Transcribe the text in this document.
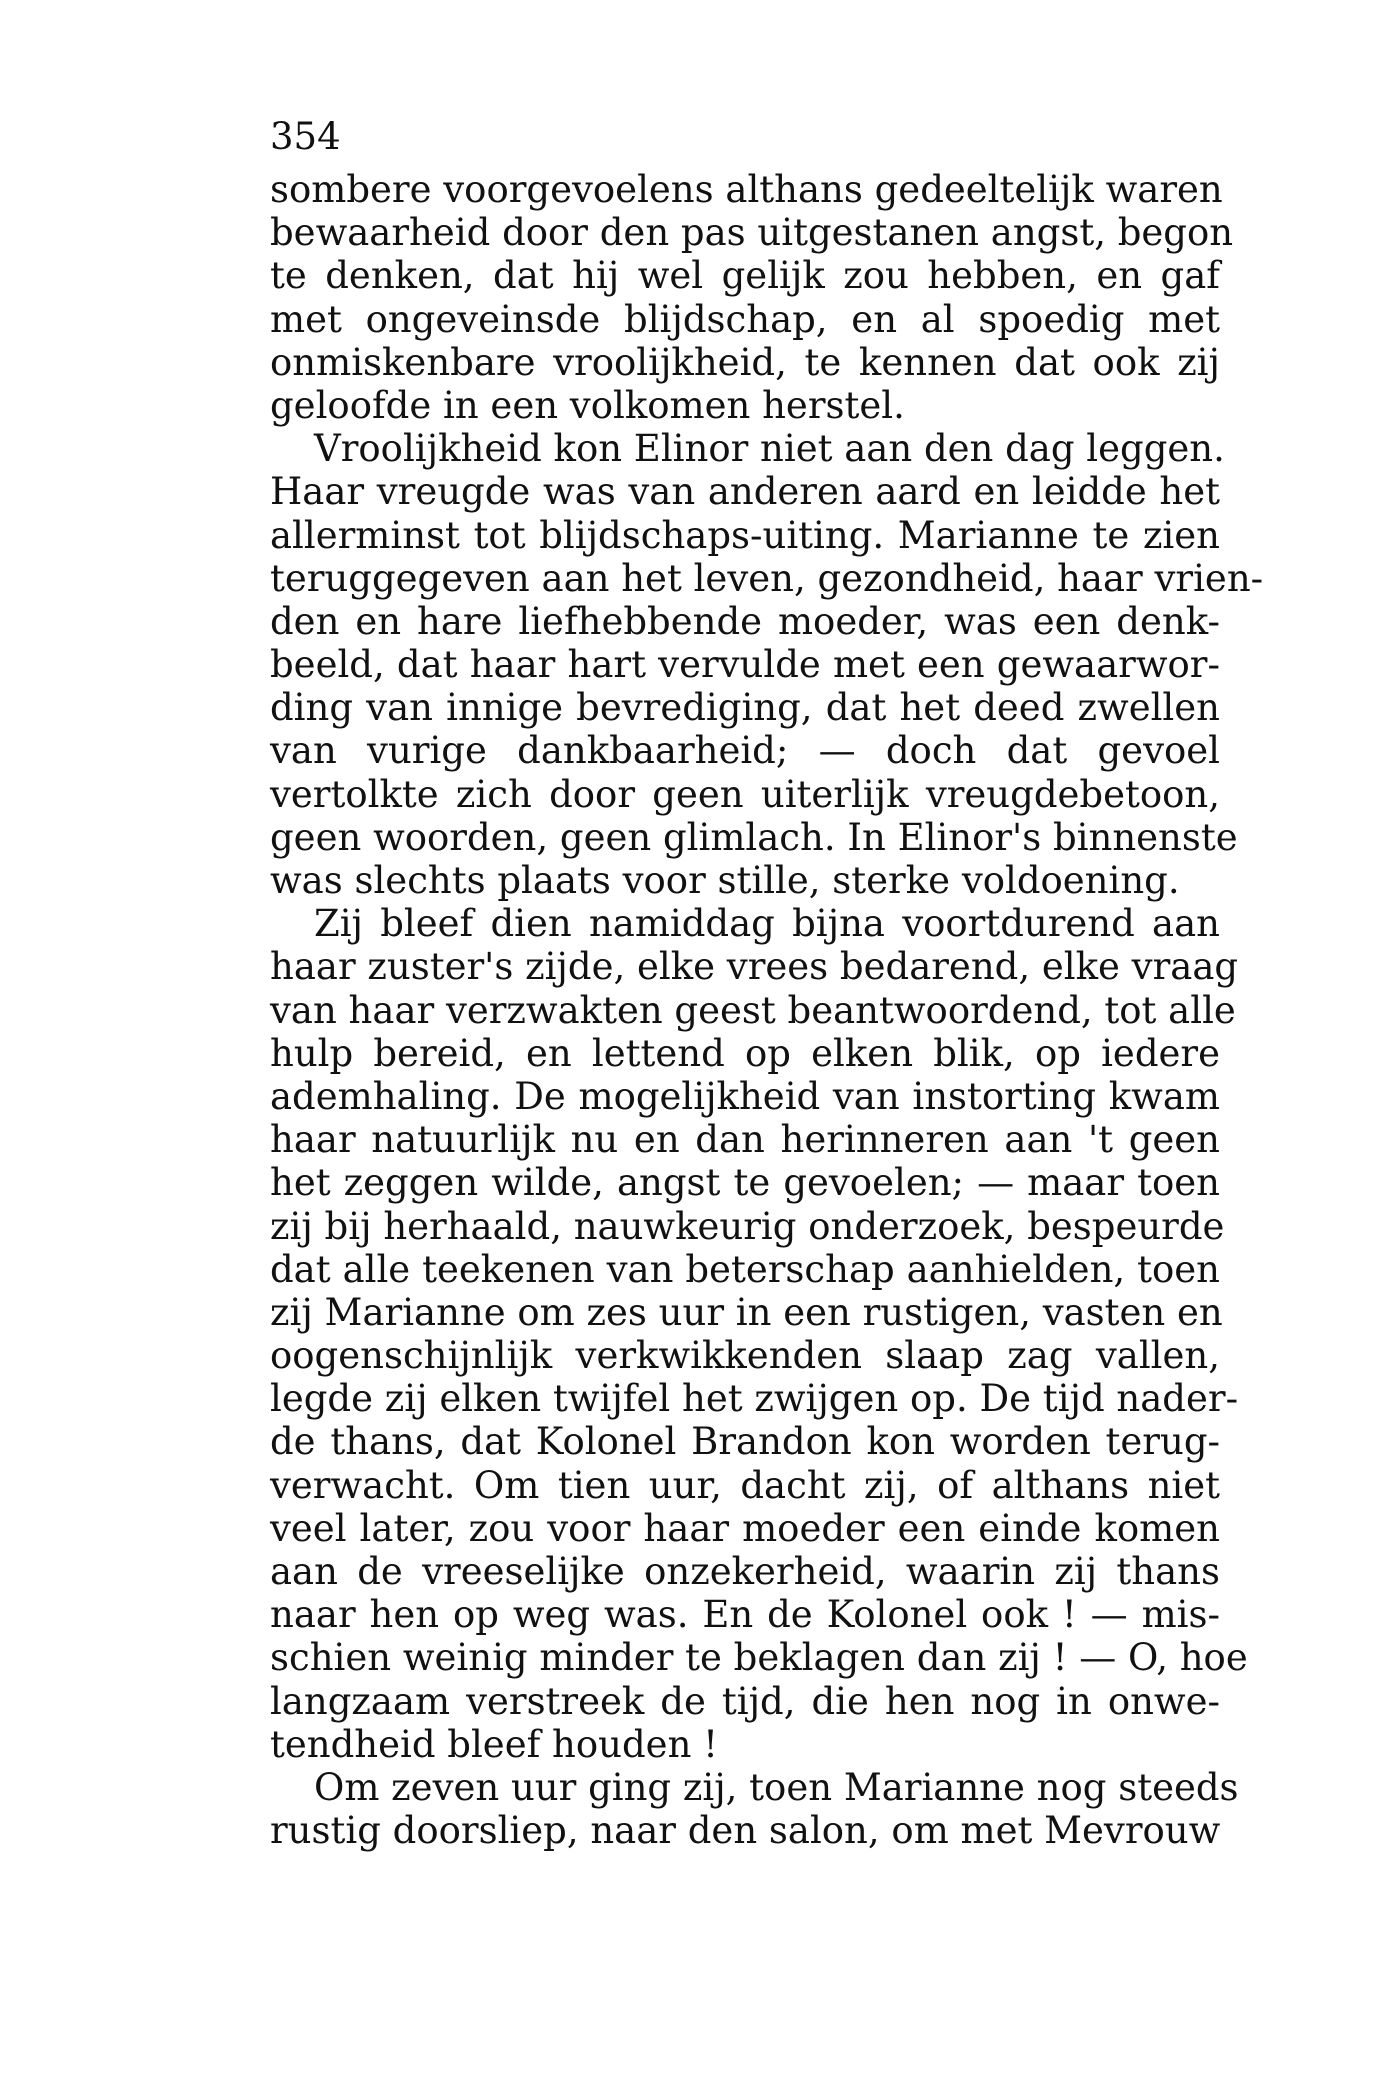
354
sombere voorgevoelens althans gedeeltelijk waren
bewaarheid door den pas uitgestanen angst, begon
te denken, dat hij wel gelijk zou hebben, en gaf
met ongeveinsde blijdschap, en al spoedig met
onmiskenbare vroolijkheid, te kennen dat ook zij
geloofde in een volkomen herstel.
Vroolijkheid kon Elinor niet aan den dag leggen.
Haar vreugde was van anderen aard en leidde het
allerminst tot blijdschaps-uiting. Marianne te zien
teruggegeven aan het leven, gezondheid, haar vrien-
den en hare liefhebbende moeder, was een denk-
beeld, dat haar hart vervulde met een gewaarwor-
ding van innige bevrediging, dat het deed zwellen
van vurige dankbaarheid; — doch dat gevoel
vertolkte zich door geen uiterlijk vreugdebetoon,
geen woorden, geen glimlach. In Elinor's binnenste
was slechts plaats voor stille, sterke voldoening.
Zij bleef dien namiddag bijna voortdurend aan
haar zuster's zijde, elke vrees bedarend, elke vraag
van haar verzwakten geest beantwoordend, tot alle
hulp bereid, en lettend op elken blik, op iedere
ademhaling. De mogelijkheid van instorting kwam
haar natuurlijk nu en dan herinneren aan 't geen
het zeggen wilde, angst te gevoelen; — maar toen
zij bij herhaald, nauwkeurig onderzoek, bespeurde
dat alle teekenen van beterschap aanhielden, toen
zij Marianne om zes uur in een rustigen, vasten en
oogenschijnlijk verkwikkenden slaap zag vallen,
legde zij elken twijfel het zwijgen op. De tijd nader-
de thans, dat Kolonel Brandon kon worden terug-
verwacht. Om tien uur, dacht zij, of althans niet
veel later, zou voor haar moeder een einde komen
aan de vreeselijke onzekerheid, waarin zij thans
naar hen op weg was. En de Kolonel ook ! — mis-
schien weinig minder te beklagen dan zij ! — O, hoe
langzaam verstreek de tijd, die hen nog in onwe-
tendheid bleef houden !
Om zeven uur ging zij, toen Marianne nog steeds
rustig doorsliep, naar den salon, om met Mevrouw
